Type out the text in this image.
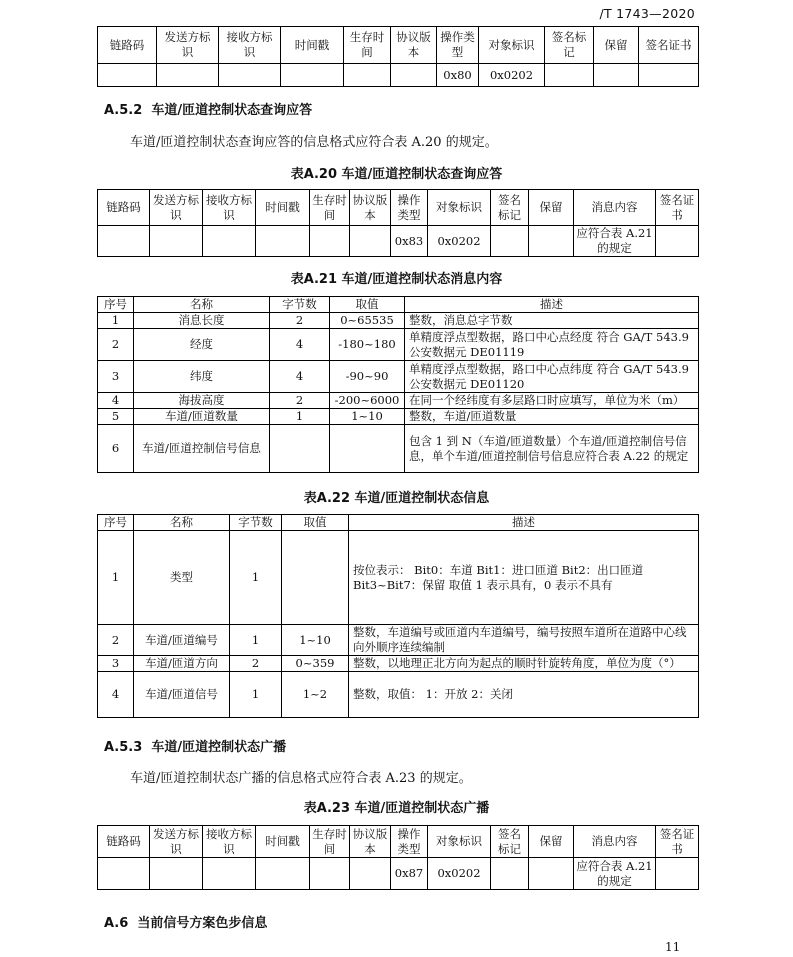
/T 1743—2020
链路码	发送方标识	接收方标识	时间戳	生存时间	协议版本	操作类型	对象标识	签名标记	保留	签名证书
						0x80	0x0202			
A.5.2 车道/匝道控制状态查询应答
车道/匝道控制状态查询应答的信息格式应符合表 A.20 的规定。
表A.20 车道/匝道控制状态查询应答
链路码	发送方标识	接收方标识	时间戳	生存时间	协议版本	操作类型	对象标识	签名标记	保留	消息内容	签名证书
						0x83	0x0202			应符合表 A.21 的规定	
表A.21 车道/匝道控制状态消息内容
序号	名称	字节数	取值	描述
1	消息长度	2	0~65535	整数，消息总字节数
2	经度	4	-180~180	单精度浮点型数据，路口中心点经度 符合 GA/T 543.9 公安数据元 DE01119
3	纬度	4	-90~90	单精度浮点型数据，路口中心点纬度 符合 GA/T 543.9 公安数据元 DE01120
4	海拔高度	2	-200~6000	在同一个经纬度有多层路口时应填写，单位为米（m）
5	车道/匝道数量	1	1~10	整数，车道/匝道数量
6	车道/匝道控制信号信息			包含 1 到 N（车道/匝道数量）个车道/匝道控制信号信息，单个车道/匝道控制信号信息应符合表 A.22 的规定
表A.22 车道/匝道控制状态信息
序号	名称	字节数	取值	描述
1	类型	1		按位表示： Bit0：车道 Bit1：进口匝道 Bit2：出口匝道 Bit3~Bit7：保留 取值 1 表示具有，0 表示不具有
2	车道/匝道编号	1	1~10	整数，车道编号或匝道内车道编号，编号按照车道所在道路中心线向外顺序连续编制
3	车道/匝道方向	2	0~359	整数，以地理正北方向为起点的顺时针旋转角度，单位为度（°）
4	车道/匝道信号	1	1~2	整数，取值： 1：开放 2：关闭
A.5.3 车道/匝道控制状态广播
车道/匝道控制状态广播的信息格式应符合表 A.23 的规定。
表A.23 车道/匝道控制状态广播
链路码	发送方标识	接收方标识	时间戳	生存时间	协议版本	操作类型	对象标识	签名标记	保留	消息内容	签名证书
						0x87	0x0202			应符合表 A.21 的规定	
A.6 当前信号方案色步信息
11
